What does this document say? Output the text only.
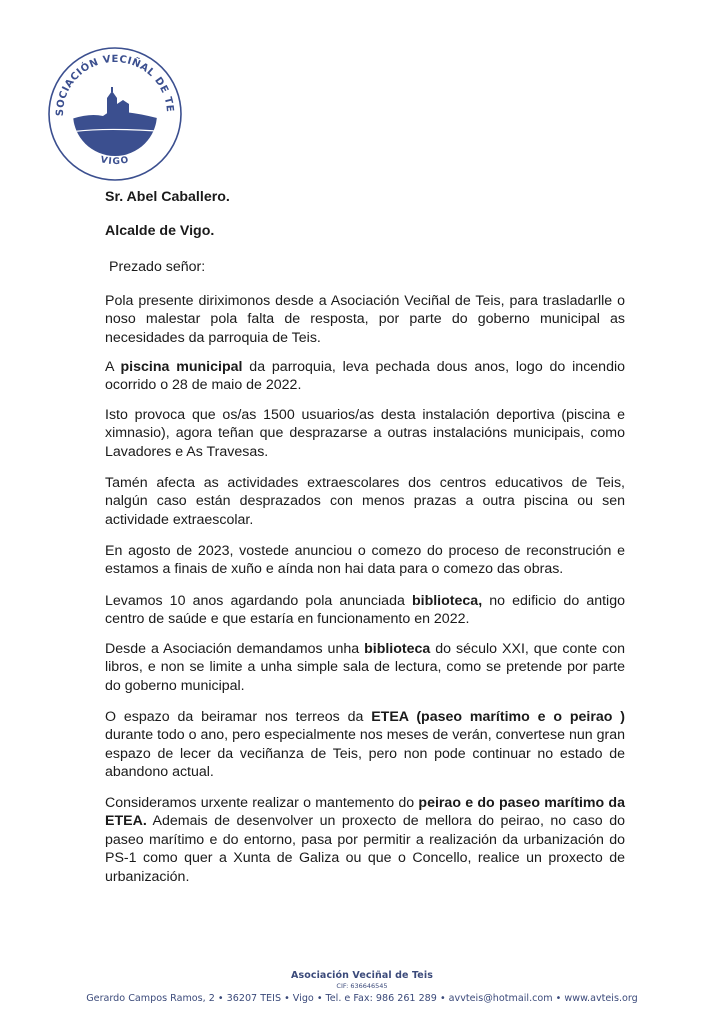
SOCIACIÓN VECIÑAL DE TE
VIGO

Sr. Abel Caballero.

Alcalde de Vigo.

Prezado señor:

Pola presente diriximonos desde a Asociación Veciñal de Teis, para trasladarlle o noso malestar pola falta de resposta, por parte do goberno municipal as necesidades da parroquia de Teis.

A piscina municipal da parroquia, leva pechada dous anos, logo do incendio ocorrido o 28 de maio de 2022.

Isto provoca que os/as 1500 usuarios/as desta instalación deportiva (piscina e ximnasio), agora teñan que desprazarse a outras instalacións municipais, como Lavadores e As Travesas.

Tamén afecta as actividades extraescolares dos centros educativos de Teis, nalgún caso están desprazados con menos prazas a outra piscina ou sen actividade extraescolar.

En agosto de 2023, vostede anunciou o comezo do proceso de reconstrución e estamos a finais de xuño e aínda non hai data para o comezo das obras.

Levamos 10 anos agardando pola anunciada biblioteca, no edificio do antigo centro de saúde e que estaría en funcionamento en 2022.

Desde a Asociación demandamos unha biblioteca do século XXI, que conte con libros, e non se limite a unha simple sala de lectura, como se pretende por parte do goberno municipal.

O espazo da beiramar nos terreos da ETEA (paseo marítimo e o peirao ) durante todo o ano, pero especialmente nos meses de verán, convertese nun gran espazo de lecer da veciñanza de Teis, pero non pode continuar no estado de abandono actual.

Consideramos urxente realizar o mantemento do peirao e do paseo marítimo da ETEA. Ademais de desenvolver un proxecto de mellora do peirao, no caso do paseo marítimo e do entorno, pasa por permitir a realización da urbanización do PS-1 como quer a Xunta de Galiza ou que o Concello, realice un proxecto de urbanización.

Asociación Veciñal de Teis
CIF: 636646545
Gerardo Campos Ramos, 2 • 36207 TEIS • Vigo • Tel. e Fax: 986 261 289 • avvteis@hotmail.com • www.avteis.org
